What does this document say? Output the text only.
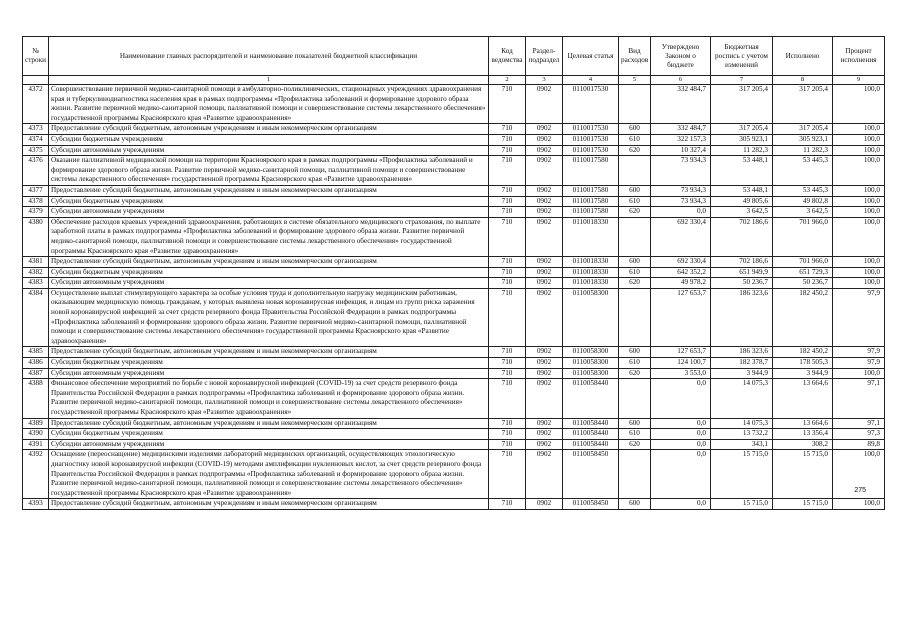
№ строки	Наименование главных распорядителей и наименование показателей бюджетной классификации	Код ведомства	Раздел- подраздел	Целевая статья	Вид расходов	Утверждено Законом о бюджете	Бюджетная роспись с учетом изменений	Исполнено	Процент исполнения
	1	2	3	4	5	6	7	8	9
4372	Совершенствование первичной медико-санитарной помощи в амбулаторно-поликлинических, стационарных учреждениях здравоохранения края и туберкулинодиагностика населения края в рамках подпрограммы «Профилактика заболеваний и формирование здорового образа жизни. Развитие первичной медико-санитарной помощи, паллиативной помощи и совершенствование системы лекарственного обеспечения» государственной программы Красноярского края «Развитие здравоохранения»	710	0902	0110017530		332 484,7	317 205,4	317 205,4	100,0
4373	Предоставление субсидий бюджетным, автономным учреждениям и иным некоммерческим организациям	710	0902	0110017530	600	332 484,7	317 205,4	317 205,4	100,0
4374	Субсидии бюджетным учреждениям	710	0902	0110017530	610	322 157,3	305 923,1	305 923,1	100,0
4375	Субсидии автономным учреждениям	710	0902	0110017530	620	10 327,4	11 282,3	11 282,3	100,0
4376	Оказание паллиативной медицинской помощи на территории Красноярского края в рамках подпрограммы «Профилактика заболеваний и формирование здорового образа жизни. Развитие первичной медико-санитарной помощи, паллиативной помощи и совершенствование системы лекарственного обеспечения» государственной программы Красноярского края «Развитие здравоохранения»	710	0902	0110017580		73 934,3	53 448,1	53 445,3	100,0
4377	Предоставление субсидий бюджетным, автономным учреждениям и иным некоммерческим организациям	710	0902	0110017580	600	73 934,3	53 448,1	53 445,3	100,0
4378	Субсидии бюджетным учреждениям	710	0902	0110017580	610	73 934,3	49 805,6	49 802,8	100,0
4379	Субсидии автономным учреждениям	710	0902	0110017580	620	0,0	3 642,5	3 642,5	100,0
4380	Обеспечение расходов краевых учреждений здравоохранения, работающих в системе обязательного медицинского страхования, по выплате заработной платы в рамках подпрограммы «Профилактика заболеваний и формирование здорового образа жизни. Развитие первичной медико-санитарной помощи, паллиативной помощи и совершенствование системы лекарственного обеспечения» государственной программы Красноярского края «Развитие здравоохранения»	710	0902	0110018330		692 330,4	702 186,6	701 966,0	100,0
4381	Предоставление субсидий бюджетным, автономным учреждениям и иным некоммерческим организациям	710	0902	0110018330	600	692 330,4	702 186,6	701 966,0	100,0
4382	Субсидии бюджетным учреждениям	710	0902	0110018330	610	642 352,2	651 949,9	651 729,3	100,0
4383	Субсидии автономным учреждениям	710	0902	0110018330	620	49 978,2	50 236,7	50 236,7	100,0
4384	Осуществление выплат стимулирующего характера за особые условия труда и дополнительную нагрузку медицинским работникам, оказывающим медицинскую помощь гражданам, у которых выявлена новая коронавирусная инфекция, и лицам из групп риска заражения новой коронавирусной инфекцией за счет средств резервного фонда Правительства Российской Федерации в рамках подпрограммы «Профилактика заболеваний и формирование здорового образа жизни. Развитие первичной медико-санитарной помощи, паллиативной помощи и совершенствование системы лекарственного обеспечения» государственной программы Красноярского края «Развитие здравоохранения»	710	0902	0110058300		127 653,7	186 323,6	182 450,2	97,9
4385	Предоставление субсидий бюджетным, автономным учреждениям и иным некоммерческим организациям	710	0902	0110058300	600	127 653,7	186 323,6	182 450,2	97,9
4386	Субсидии бюджетным учреждениям	710	0902	0110058300	610	124 100,7	182 378,7	178 505,3	97,9
4387	Субсидии автономным учреждениям	710	0902	0110058300	620	3 553,0	3 944,9	3 944,9	100,0
4388	Финансовое обеспечение мероприятий по борьбе с новой коронавирусной инфекцией (COVID-19) за счет средств резервного фонда Правительства Российской Федерации в рамках подпрограммы «Профилактика заболеваний и формирование здорового образа жизни. Развитие первичной медико-санитарной помощи, паллиативной помощи и совершенствование системы лекарственного обеспечения» государственной программы Красноярского края «Развитие здравоохранения»	710	0902	0110058440		0,0	14 075,3	13 664,6	97,1
4389	Предоставление субсидий бюджетным, автономным учреждениям и иным некоммерческим организациям	710	0902	0110058440	600	0,0	14 075,3	13 664,6	97,1
4390	Субсидии бюджетным учреждениям	710	0902	0110058440	610	0,0	13 732,2	13 356,4	97,3
4391	Субсидии автономным учреждениям	710	0902	0110058440	620	0,0	343,1	308,2	89,8
4392	Оснащение (переоснащение) медицинскими изделиями лабораторий медицинских организаций, осуществляющих этиологическую диагностику новой коронавирусной инфекции (COVID-19) методами амплификации нуклеиновых кислот, за счет средств резервного фонда Правительства Российской Федерации в рамках подпрограммы «Профилактика заболеваний и формирование здорового образа жизни. Развитие первичной медико-санитарной помощи, паллиативной помощи и совершенствование системы лекарственного обеспечения» государственной программы Красноярского края «Развитие здравоохранения»	710	0902	0110058450		0,0	15 715,0	15 715,0	100,0
4393	Предоставление субсидий бюджетным, автономным учреждениям и иным некоммерческим организациям	710	0902	0110058450	600	0,0	15 715,0	15 715,0	100,0
275
